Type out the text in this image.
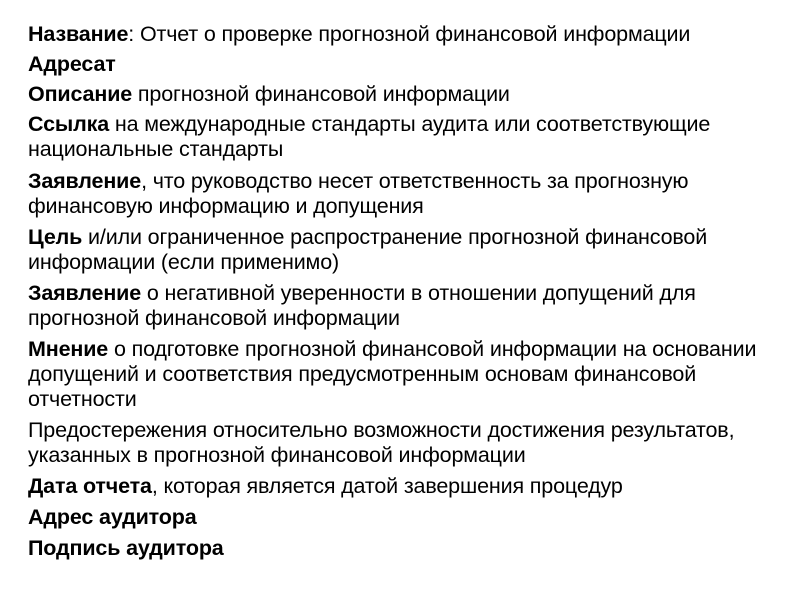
Название: Отчет о проверке прогнозной финансовой информации

Адресат

Описание прогнозной финансовой информации

Ссылка на международные стандарты аудита или соответствующие национальные стандарты

Заявление, что руководство несет ответственность за прогнозную финансовую информацию и допущения

Цель и/или ограниченное распространение прогнозной финансовой информации (если применимо)

Заявление о негативной уверенности в отношении допущений для прогнозной финансовой информации

Мнение о подготовке прогнозной финансовой информации на основании допущений и соответствия предусмотренным основам финансовой отчетности

Предостережения относительно возможности достижения результатов, указанных в прогнозной финансовой информации

Дата отчета, которая является датой завершения процедур

Адрес аудитора

Подпись аудитора
